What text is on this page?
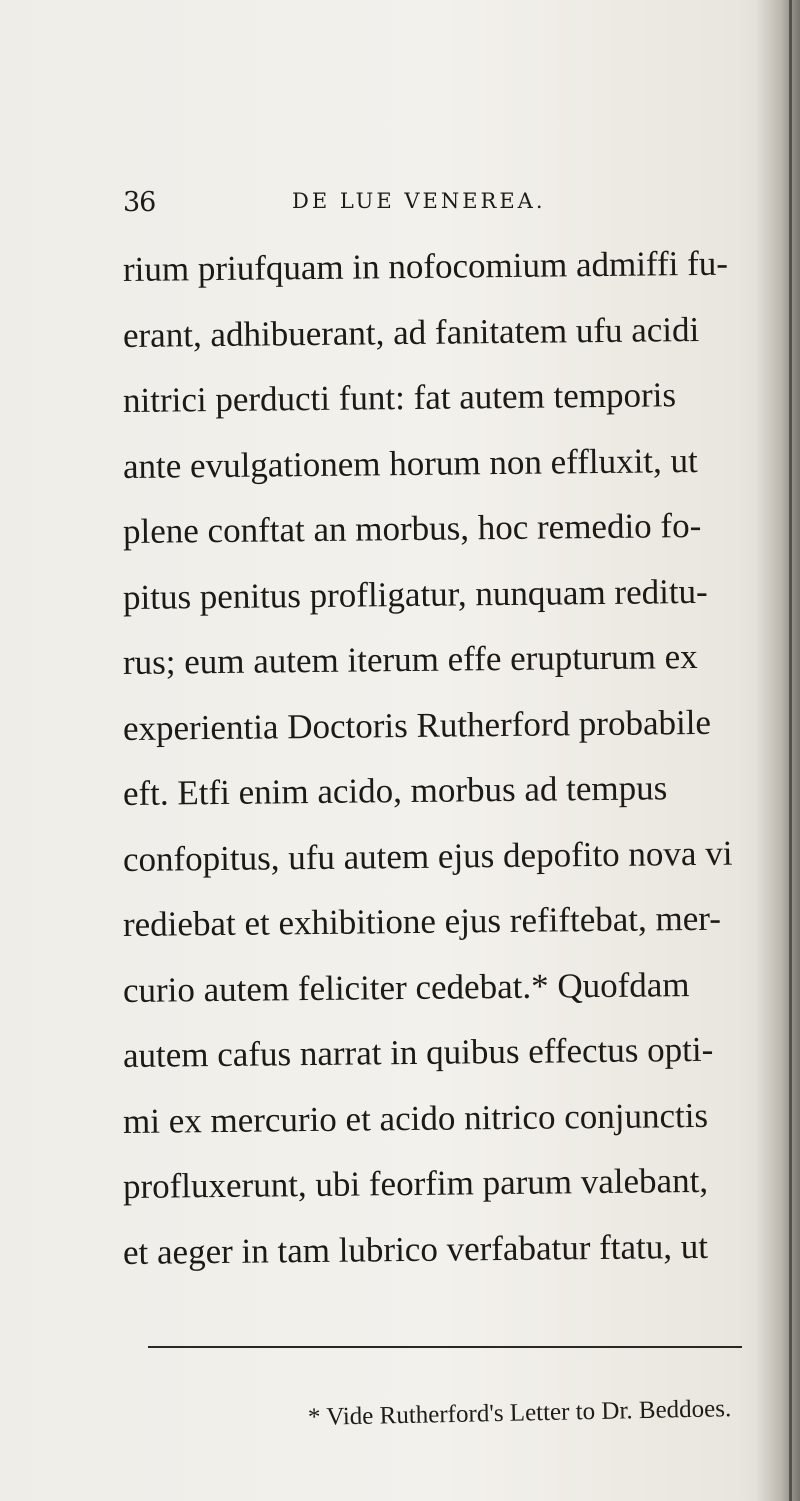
36	DE LUE VENEREA.
rium priufquam in nofocomium admiffi fu-
erant, adhibuerant, ad fanitatem ufu acidi
nitrici perducti funt: fat autem temporis
ante evulgationem horum non effluxit, ut
plene conftat an morbus, hoc remedio fo-
pitus penitus profligatur, nunquam reditu-
rus; eum autem iterum effe erupturum ex
experientia Doctoris Rutherford probabile
eft. Etfi enim acido, morbus ad tempus
confopitus, ufu autem ejus depofito nova vi
rediebat et exhibitione ejus refiftebat, mer-
curio autem feliciter cedebat.* Quofdam
autem cafus narrat in quibus effectus opti-
mi ex mercurio et acido nitrico conjunctis
profluxerunt, ubi feorfim parum valebant,
et aeger in tam lubrico verfabatur ftatu, ut
* Vide Rutherford's Letter to Dr. Beddoes.
